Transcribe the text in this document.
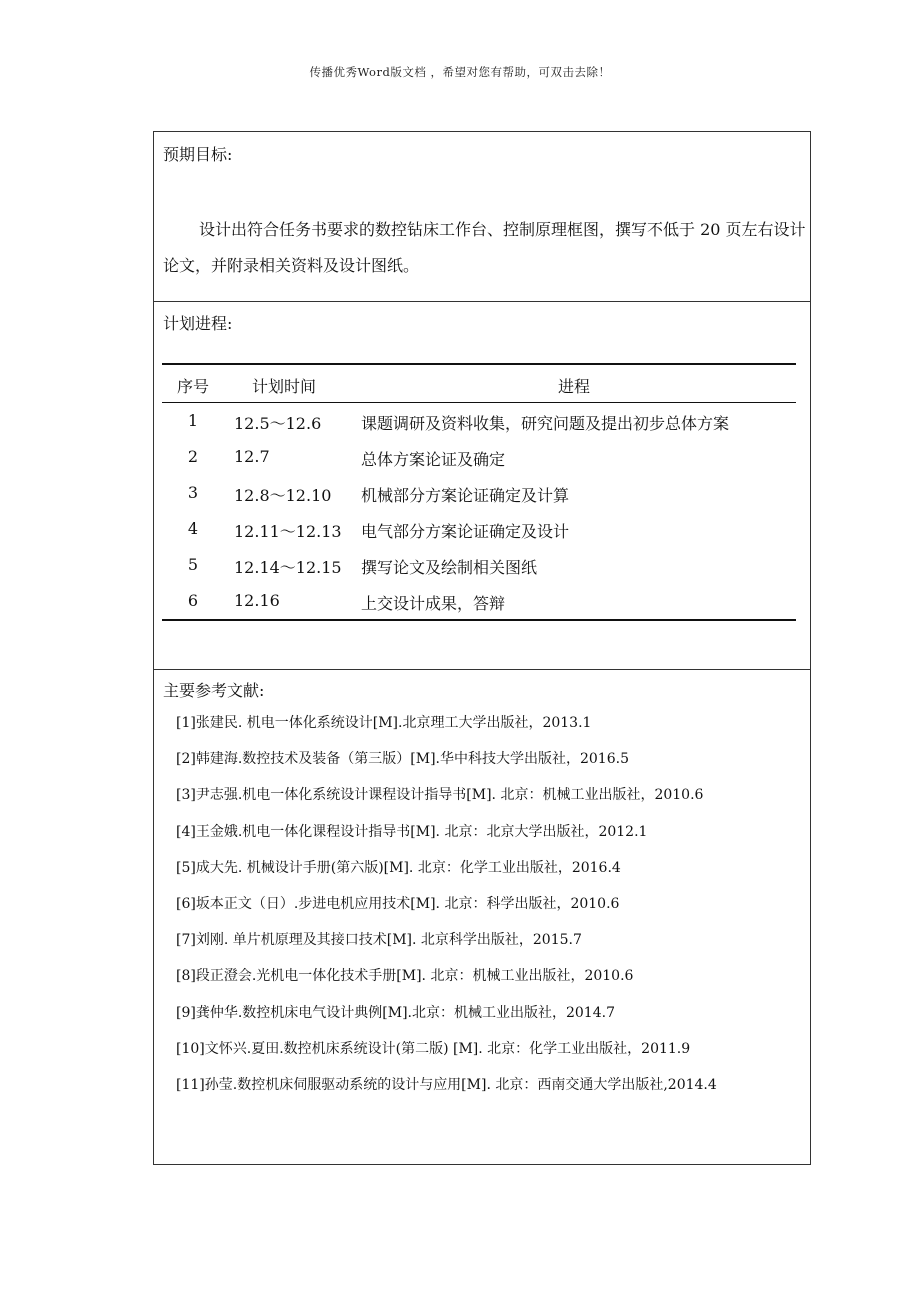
传播优秀Word版文档 ，希望对您有帮助，可双击去除！
预期目标:
设计出符合任务书要求的数控钻床工作台、控制原理框图，撰写不低于 20 页左右设计论文，并附录相关资料及设计图纸。
计划进程:
序号	计划时间	进程
1	12.5～12.6 课题调研及资料收集，研究问题及提出初步总体方案
2	12.7	总体方案论证及确定
3	12.8～12.10 机械部分方案论证确定及计算
4	12.11～12.13 电气部分方案论证确定及设计
5	12.14～12.15 撰写论文及绘制相关图纸
6	12.16	上交设计成果，答辩
主要参考文献:
[1]张建民. 机电一体化系统设计[M].北京理工大学出版社，2013.1
[2]韩建海.数控技术及装备（第三版）[M].华中科技大学出版社，2016.5
[3]尹志强.机电一体化系统设计课程设计指导书[M]. 北京：机械工业出版社，2010.6
[4]王金娥.机电一体化课程设计指导书[M]. 北京：北京大学出版社，2012.1
[5]成大先. 机械设计手册(第六版)[M]. 北京：化学工业出版社，2016.4
[6]坂本正文（日）.步进电机应用技术[M]. 北京：科学出版社，2010.6
[7]刘刚. 单片机原理及其接口技术[M]. 北京科学出版社，2015.7
[8]段正澄会.光机电一体化技术手册[M]. 北京：机械工业出版社，2010.6
[9]龚仲华.数控机床电气设计典例[M].北京：机械工业出版社，2014.7
[10]文怀兴.夏田.数控机床系统设计(第二版) [M]. 北京：化学工业出版社，2011.9
[11]孙莹.数控机床伺服驱动系统的设计与应用[M]. 北京：西南交通大学出版社,2014.4
